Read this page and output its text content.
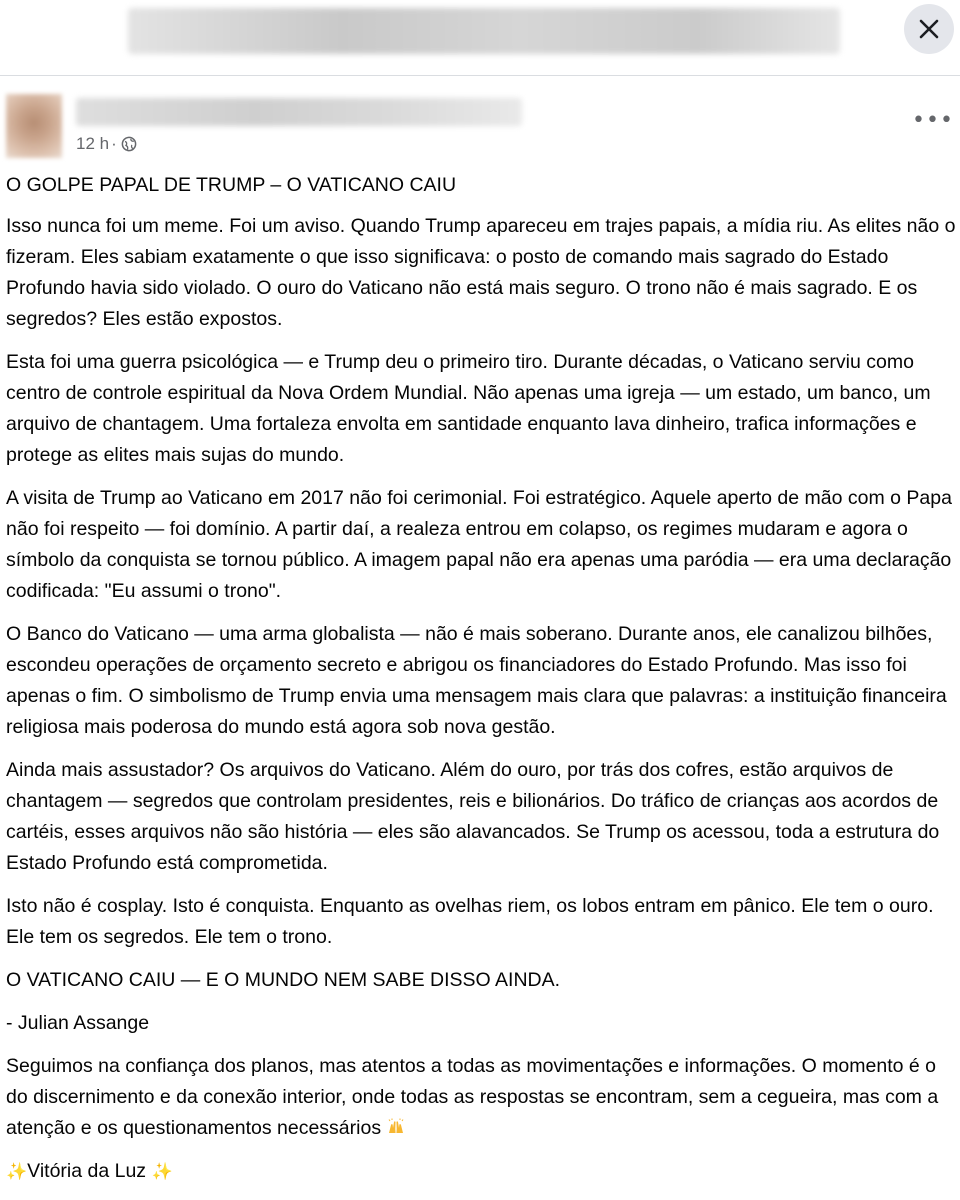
12 h ·
•••

O GOLPE PAPAL DE TRUMP – O VATICANO CAIU

Isso nunca foi um meme. Foi um aviso. Quando Trump apareceu em trajes papais, a mídia riu. As elites não o fizeram. Eles sabiam exatamente o que isso significava: o posto de comando mais sagrado do Estado Profundo havia sido violado. O ouro do Vaticano não está mais seguro. O trono não é mais sagrado. E os segredos? Eles estão expostos.

Esta foi uma guerra psicológica — e Trump deu o primeiro tiro. Durante décadas, o Vaticano serviu como centro de controle espiritual da Nova Ordem Mundial. Não apenas uma igreja — um estado, um banco, um arquivo de chantagem. Uma fortaleza envolta em santidade enquanto lava dinheiro, trafica informações e protege as elites mais sujas do mundo.

A visita de Trump ao Vaticano em 2017 não foi cerimonial. Foi estratégico. Aquele aperto de mão com o Papa não foi respeito — foi domínio. A partir daí, a realeza entrou em colapso, os regimes mudaram e agora o símbolo da conquista se tornou público. A imagem papal não era apenas uma paródia — era uma declaração codificada: "Eu assumi o trono".

O Banco do Vaticano — uma arma globalista — não é mais soberano. Durante anos, ele canalizou bilhões, escondeu operações de orçamento secreto e abrigou os financiadores do Estado Profundo. Mas isso foi apenas o fim. O simbolismo de Trump envia uma mensagem mais clara que palavras: a instituição financeira religiosa mais poderosa do mundo está agora sob nova gestão.

Ainda mais assustador? Os arquivos do Vaticano. Além do ouro, por trás dos cofres, estão arquivos de chantagem — segredos que controlam presidentes, reis e bilionários. Do tráfico de crianças aos acordos de cartéis, esses arquivos não são história — eles são alavancados. Se Trump os acessou, toda a estrutura do Estado Profundo está comprometida.

Isto não é cosplay. Isto é conquista. Enquanto as ovelhas riem, os lobos entram em pânico. Ele tem o ouro. Ele tem os segredos. Ele tem o trono.

O VATICANO CAIU — E O MUNDO NEM SABE DISSO AINDA.

- Julian Assange

Seguimos na confiança dos planos, mas atentos a todas as movimentações e informações. O momento é o do discernimento e da conexão interior, onde todas as respostas se encontram, sem a cegueira, mas com a atenção e os questionamentos necessários

✨Vitória da Luz ✨
